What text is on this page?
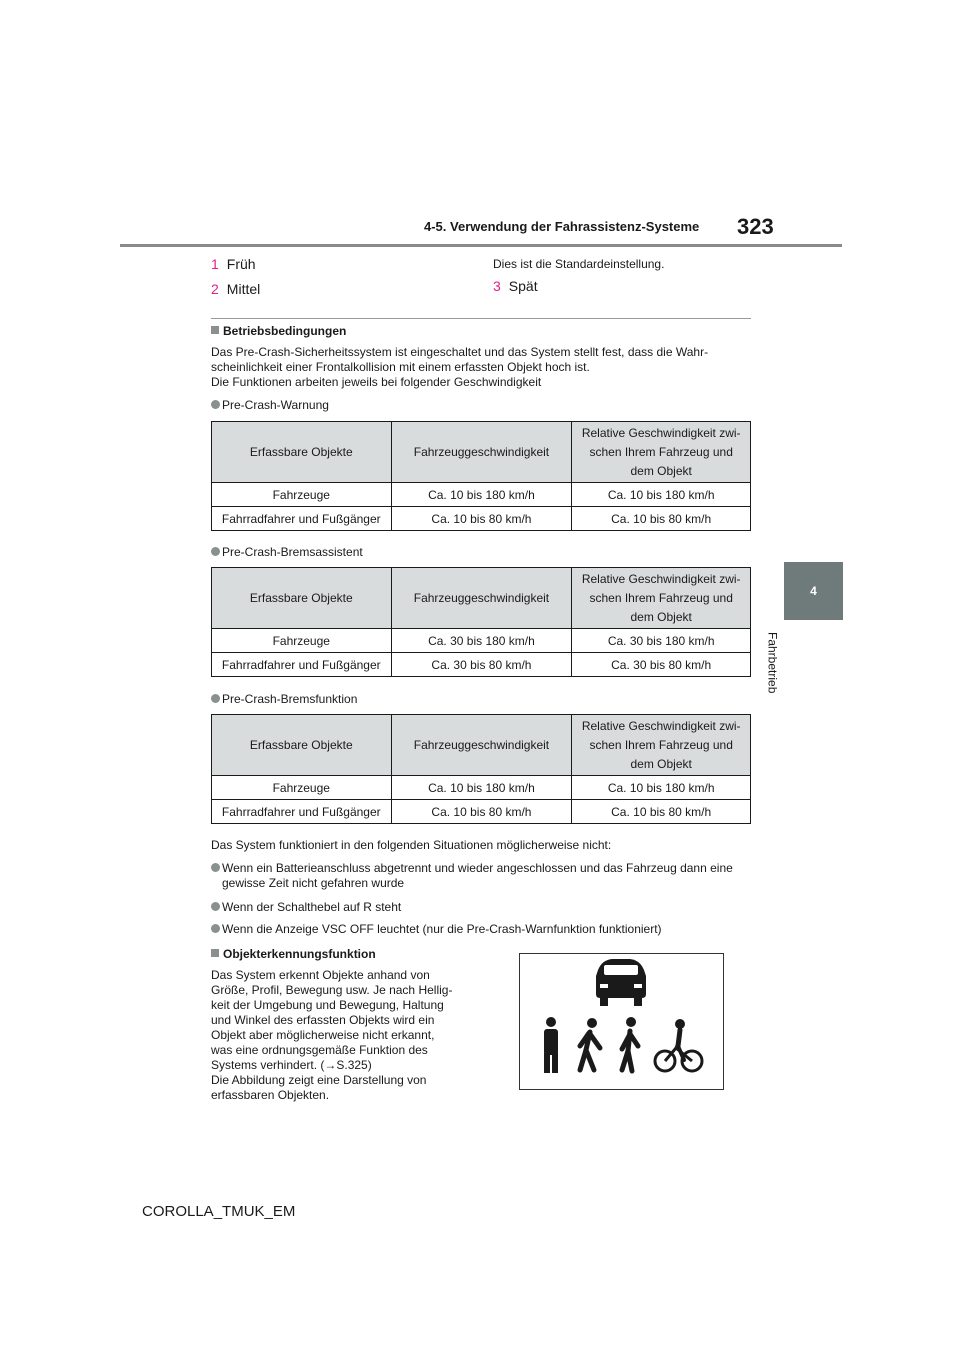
4-5. Verwendung der Fahrassistenz-Systeme 323
4
Fahrbetrieb
1 Früh
2 Mittel
Dies ist die Standardeinstellung.
3 Spät
Betriebsbedingungen
Das Pre-Crash-Sicherheitssystem ist eingeschaltet und das System stellt fest, dass die Wahr-
scheinlichkeit einer Frontalkollision mit einem erfassten Objekt hoch ist.
Die Funktionen arbeiten jeweils bei folgender Geschwindigkeit
Pre-Crash-Warnung
Erfassbare Objekte	Fahrzeuggeschwindigkeit	Relative Geschwindigkeit zwi-
schen Ihrem Fahrzeug und
dem Objekt

Fahrzeuge	Ca. 10 bis 180 km/h	Ca. 10 bis 180 km/h
Fahrradfahrer und Fußgänger	Ca. 10 bis 80 km/h	Ca. 10 bis 80 km/h
Pre-Crash-Bremsassistent
Erfassbare Objekte	Fahrzeuggeschwindigkeit	Relative Geschwindigkeit zwi-
schen Ihrem Fahrzeug und
dem Objekt

Fahrzeuge	Ca. 30 bis 180 km/h	Ca. 30 bis 180 km/h
Fahrradfahrer und Fußgänger	Ca. 30 bis 80 km/h	Ca. 30 bis 80 km/h
Pre-Crash-Bremsfunktion
Erfassbare Objekte	Fahrzeuggeschwindigkeit	Relative Geschwindigkeit zwi-
schen Ihrem Fahrzeug und
dem Objekt

Fahrzeuge	Ca. 10 bis 180 km/h	Ca. 10 bis 180 km/h
Fahrradfahrer und Fußgänger	Ca. 10 bis 80 km/h	Ca. 10 bis 80 km/h
Das System funktioniert in den folgenden Situationen möglicherweise nicht:
Wenn ein Batterieanschluss abgetrennt und wieder angeschlossen und das Fahrzeug dann eine gewisse Zeit nicht gefahren wurde
Wenn der Schalthebel auf R steht
Wenn die Anzeige VSC OFF leuchtet (nur die Pre-Crash-Warnfunktion funktioniert)
Objekterkennungsfunktion
Das System erkennt Objekte anhand von
Größe, Profil, Bewegung usw. Je nach Hellig-
keit der Umgebung und Bewegung, Haltung
und Winkel des erfassten Objekts wird ein
Objekt aber möglicherweise nicht erkannt,
was eine ordnungsgemäße Funktion des
Systems verhindert. (→S.325)
Die Abbildung zeigt eine Darstellung von
erfassbaren Objekten.
COROLLA_TMUK_EM
